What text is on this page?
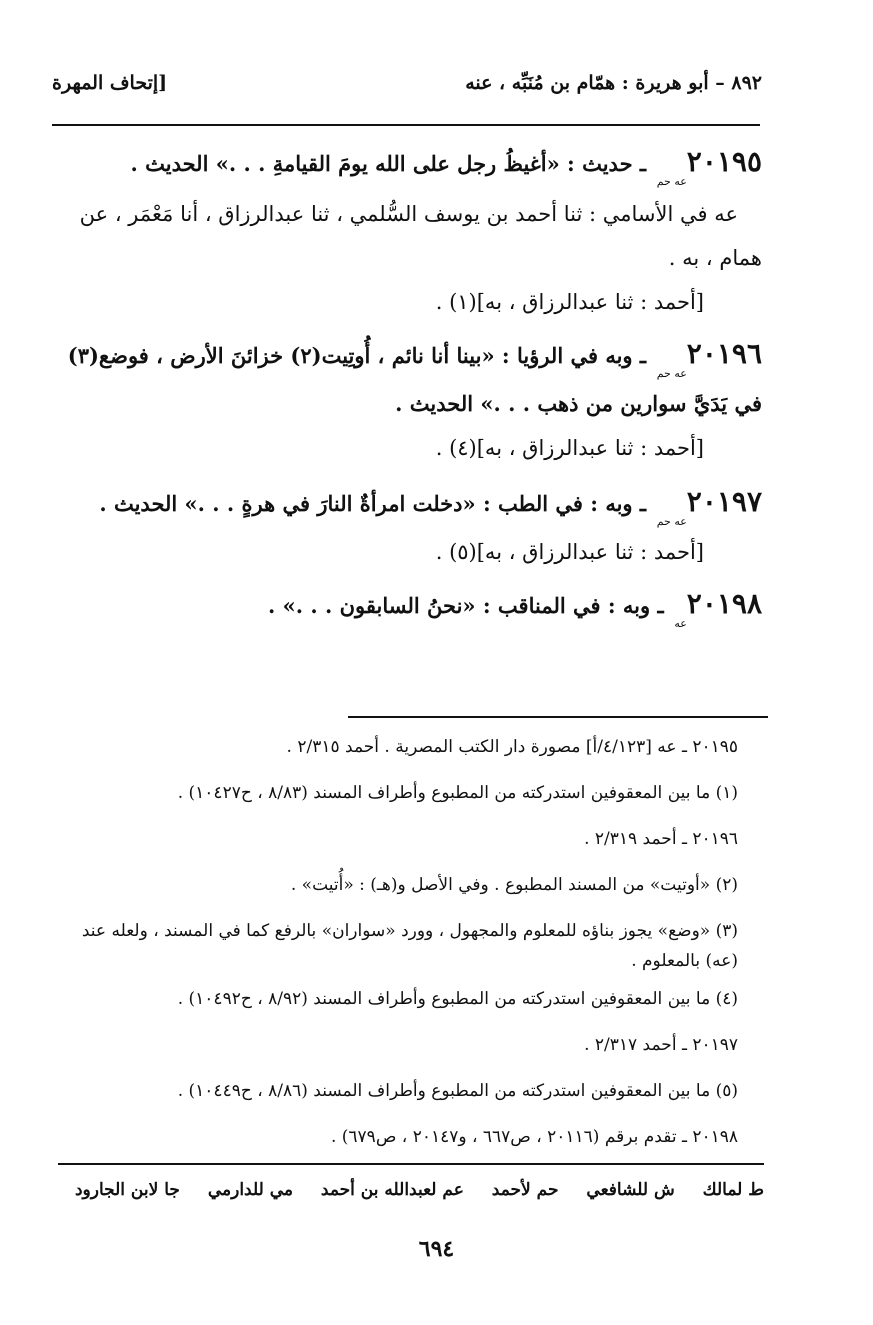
٨٩٢ – أبو هريرة : همّام بن مُنَبِّه ، عنه
[إتحاف المهرة

$٢٠١٩٥_{عه حم}$ ـ حديث : «أغيظُ رجل على الله يومَ القيامةِ . . .» الحديث .

عه في الأسامي : ثنا أحمد بن يوسف السُّلمي ، ثنا عبدالرزاق ، أنا مَعْمَر ، عن همام ، به .

[أحمد : ثنا عبدالرزاق ، به](١) .

$٢٠١٩٦_{عه حم}$ ـ وبه في الرؤيا : «بينا أنا نائم ، أُوتِيت(٢) خزائنَ الأرض ، فوضع(٣) في يَدَيَّ سوارين من ذهب . . .» الحديث .

[أحمد : ثنا عبدالرزاق ، به](٤) .

$٢٠١٩٧_{عه حم}$ ـ وبه : في الطب : «دخلت امرأةٌ النارَ في هرةٍ . . .» الحديث .

[أحمد : ثنا عبدالرزاق ، به](٥) .

$٢٠١٩٨_{عه}$ ـ وبه : في المناقب : «نحنُ السابقون . . .» .

٢٠١٩٥ ـ عه [٤/١٢٣/أ] مصورة دار الكتب المصرية . أحمد ٢/٣١٥ .

(١) ما بين المعقوفين استدركته من المطبوع وأطراف المسند (٨/٨٣ ، ح١٠٤٢٧) .

٢٠١٩٦ ـ أحمد ٢/٣١٩ .

(٢) «أوتيت» من المسند المطبوع . وفي الأصل و(هـ) : «أُتيت» .

(٣) «وضع» يجوز بناؤه للمعلوم والمجهول ، وورد «سواران» بالرفع كما في المسند ، ولعله عند (عه) بالمعلوم .

(٤) ما بين المعقوفين استدركته من المطبوع وأطراف المسند (٨/٩٢ ، ح١٠٤٩٢) .

٢٠١٩٧ ـ أحمد ٢/٣١٧ .

(٥) ما بين المعقوفين استدركته من المطبوع وأطراف المسند (٨/٨٦ ، ح١٠٤٤٩) .

٢٠١٩٨ ـ تقدم برقم (٢٠١١٦ ، ص٦٦٧ ، و٢٠١٤٧ ، ص٦٧٩) .

ط لمالك ش للشافعي حم لأحمد عم لعبدالله بن أحمد مي للدارمي جا لابن الجارود
٦٩٤
